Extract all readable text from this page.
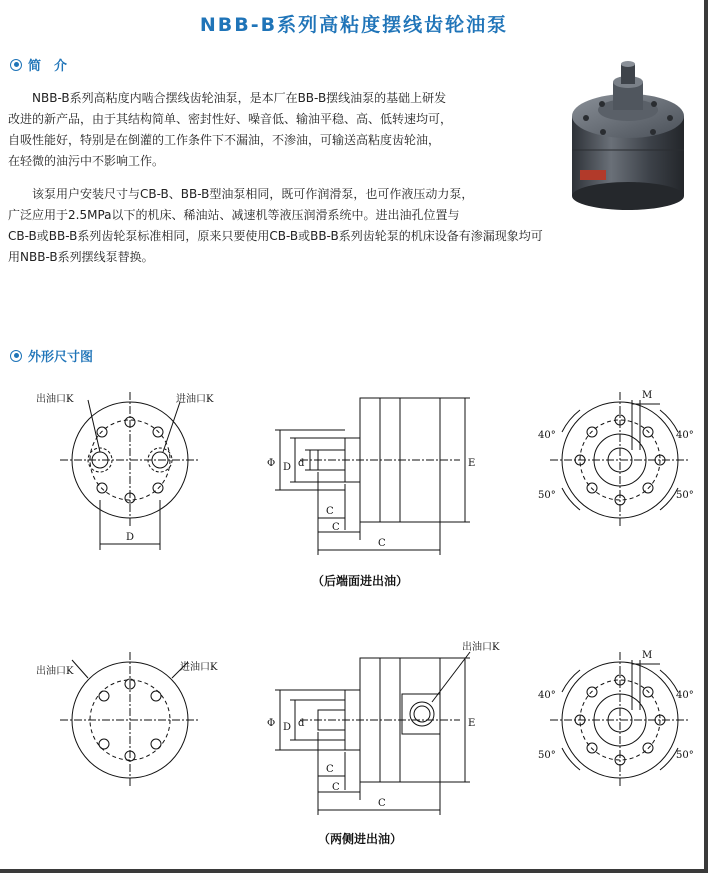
NBB-B系列高粘度摆线齿轮油泵
简　介

　　NBB-B系列高粘度内啮合摆线齿轮油泵，是本厂在BB-B摆线油泵的基础上研发

改进的新产品，由于其结构简单、密封性好、噪音低、输油平稳、高、低转速均可，

自吸性能好，特别是在倒灌的工作条件下不漏油，不渗油，可输送高粘度齿轮油，

在轻微的油污中不影响工作。

　　该泵用户安装尺寸与CB-B、BB-B型油泵相同，既可作润滑泵，也可作液压动力泵，

广泛应用于2.5MPa以下的机床、稀油站、减速机等液压润滑系统中。进出油孔位置与

CB-B或BB-B系列齿轮泵标准相同，原来只要使用CB-B或BB-B系列齿轮泵的机床设备有渗漏现象均可

用NBB-B系列摆线泵替换。

外形尺寸图
出油口K	进油口K
D
Φ D d	E
C
C
C
M
40°	40°
50°	50°
（后端面进出油）
出油口K	进油口K
出油口K
Φ D d	E
C
C
C
M
40°	40°
50°	50°
（两侧进出油）
